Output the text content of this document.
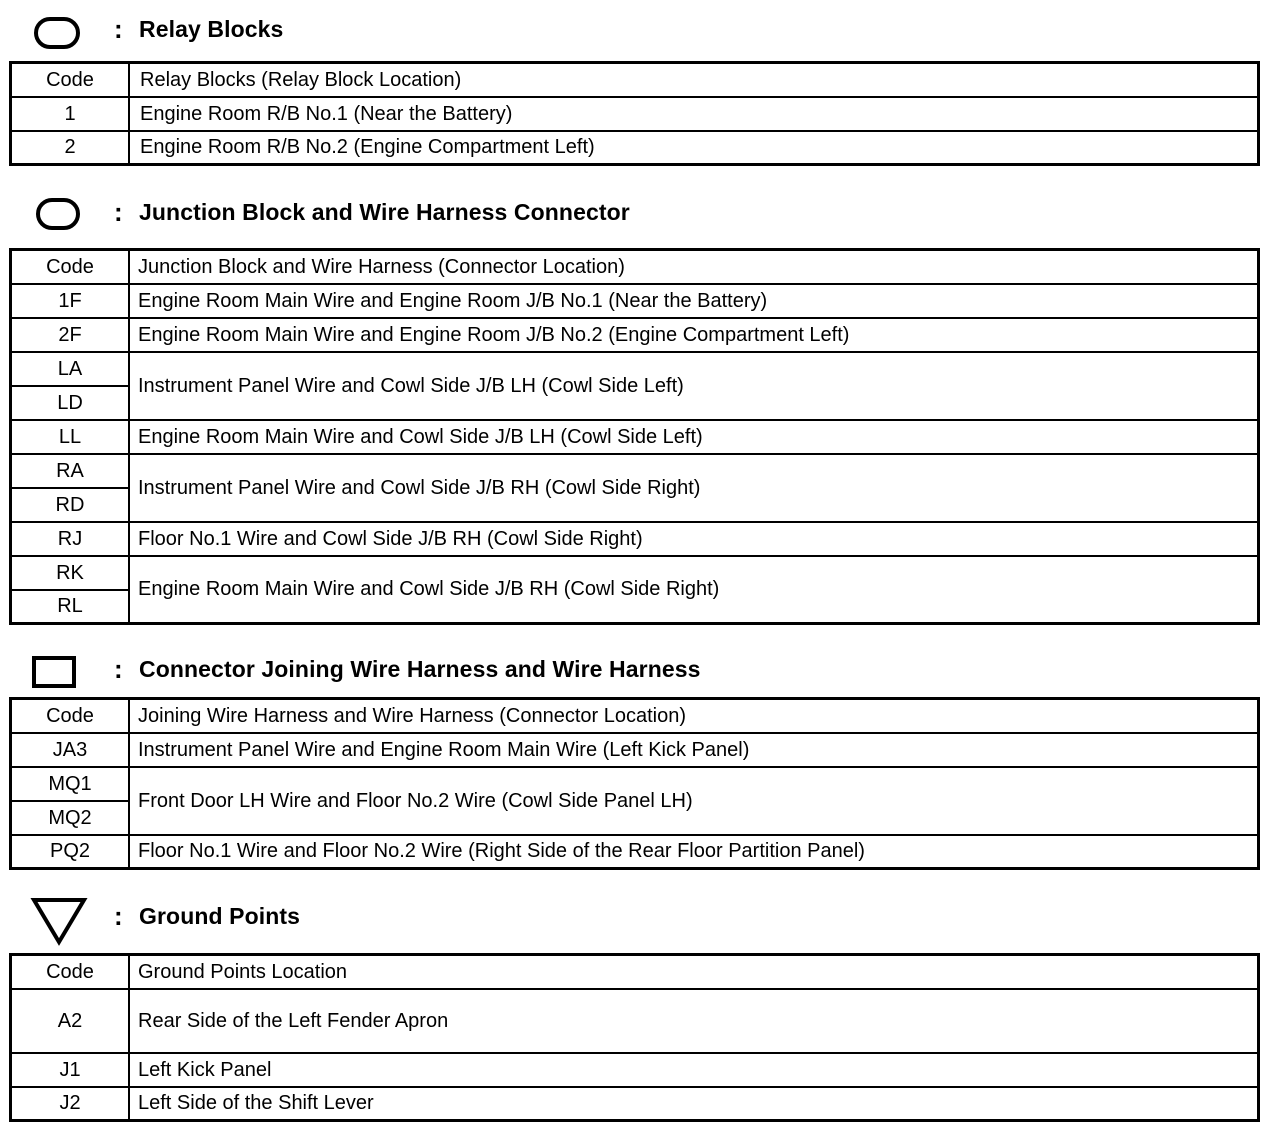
: Relay Blocks
Code	Relay Blocks (Relay Block Location)
1	Engine Room R/B No.1 (Near the Battery)
2	Engine Room R/B No.2 (Engine Compartment Left)
: Junction Block and Wire Harness Connector
Code	Junction Block and Wire Harness (Connector Location)
1F	Engine Room Main Wire and Engine Room J/B No.1 (Near the Battery)
2F	Engine Room Main Wire and Engine Room J/B No.2 (Engine Compartment Left)
LA	Instrument Panel Wire and Cowl Side J/B LH (Cowl Side Left)
LD	
LL	Engine Room Main Wire and Cowl Side J/B LH (Cowl Side Left)
RA	Instrument Panel Wire and Cowl Side J/B RH (Cowl Side Right)
RD	
RJ	Floor No.1 Wire and Cowl Side J/B RH (Cowl Side Right)
RK	Engine Room Main Wire and Cowl Side J/B RH (Cowl Side Right)
RL	
: Connector Joining Wire Harness and Wire Harness
Code	Joining Wire Harness and Wire Harness (Connector Location)
JA3	Instrument Panel Wire and Engine Room Main Wire (Left Kick Panel)
MQ1	Front Door LH Wire and Floor No.2 Wire (Cowl Side Panel LH)
MQ2	
PQ2	Floor No.1 Wire and Floor No.2 Wire (Right Side of the Rear Floor Partition Panel)
: Ground Points
Code	Ground Points Location
A2	Rear Side of the Left Fender Apron
J1	Left Kick Panel
J2	Left Side of the Shift Lever
